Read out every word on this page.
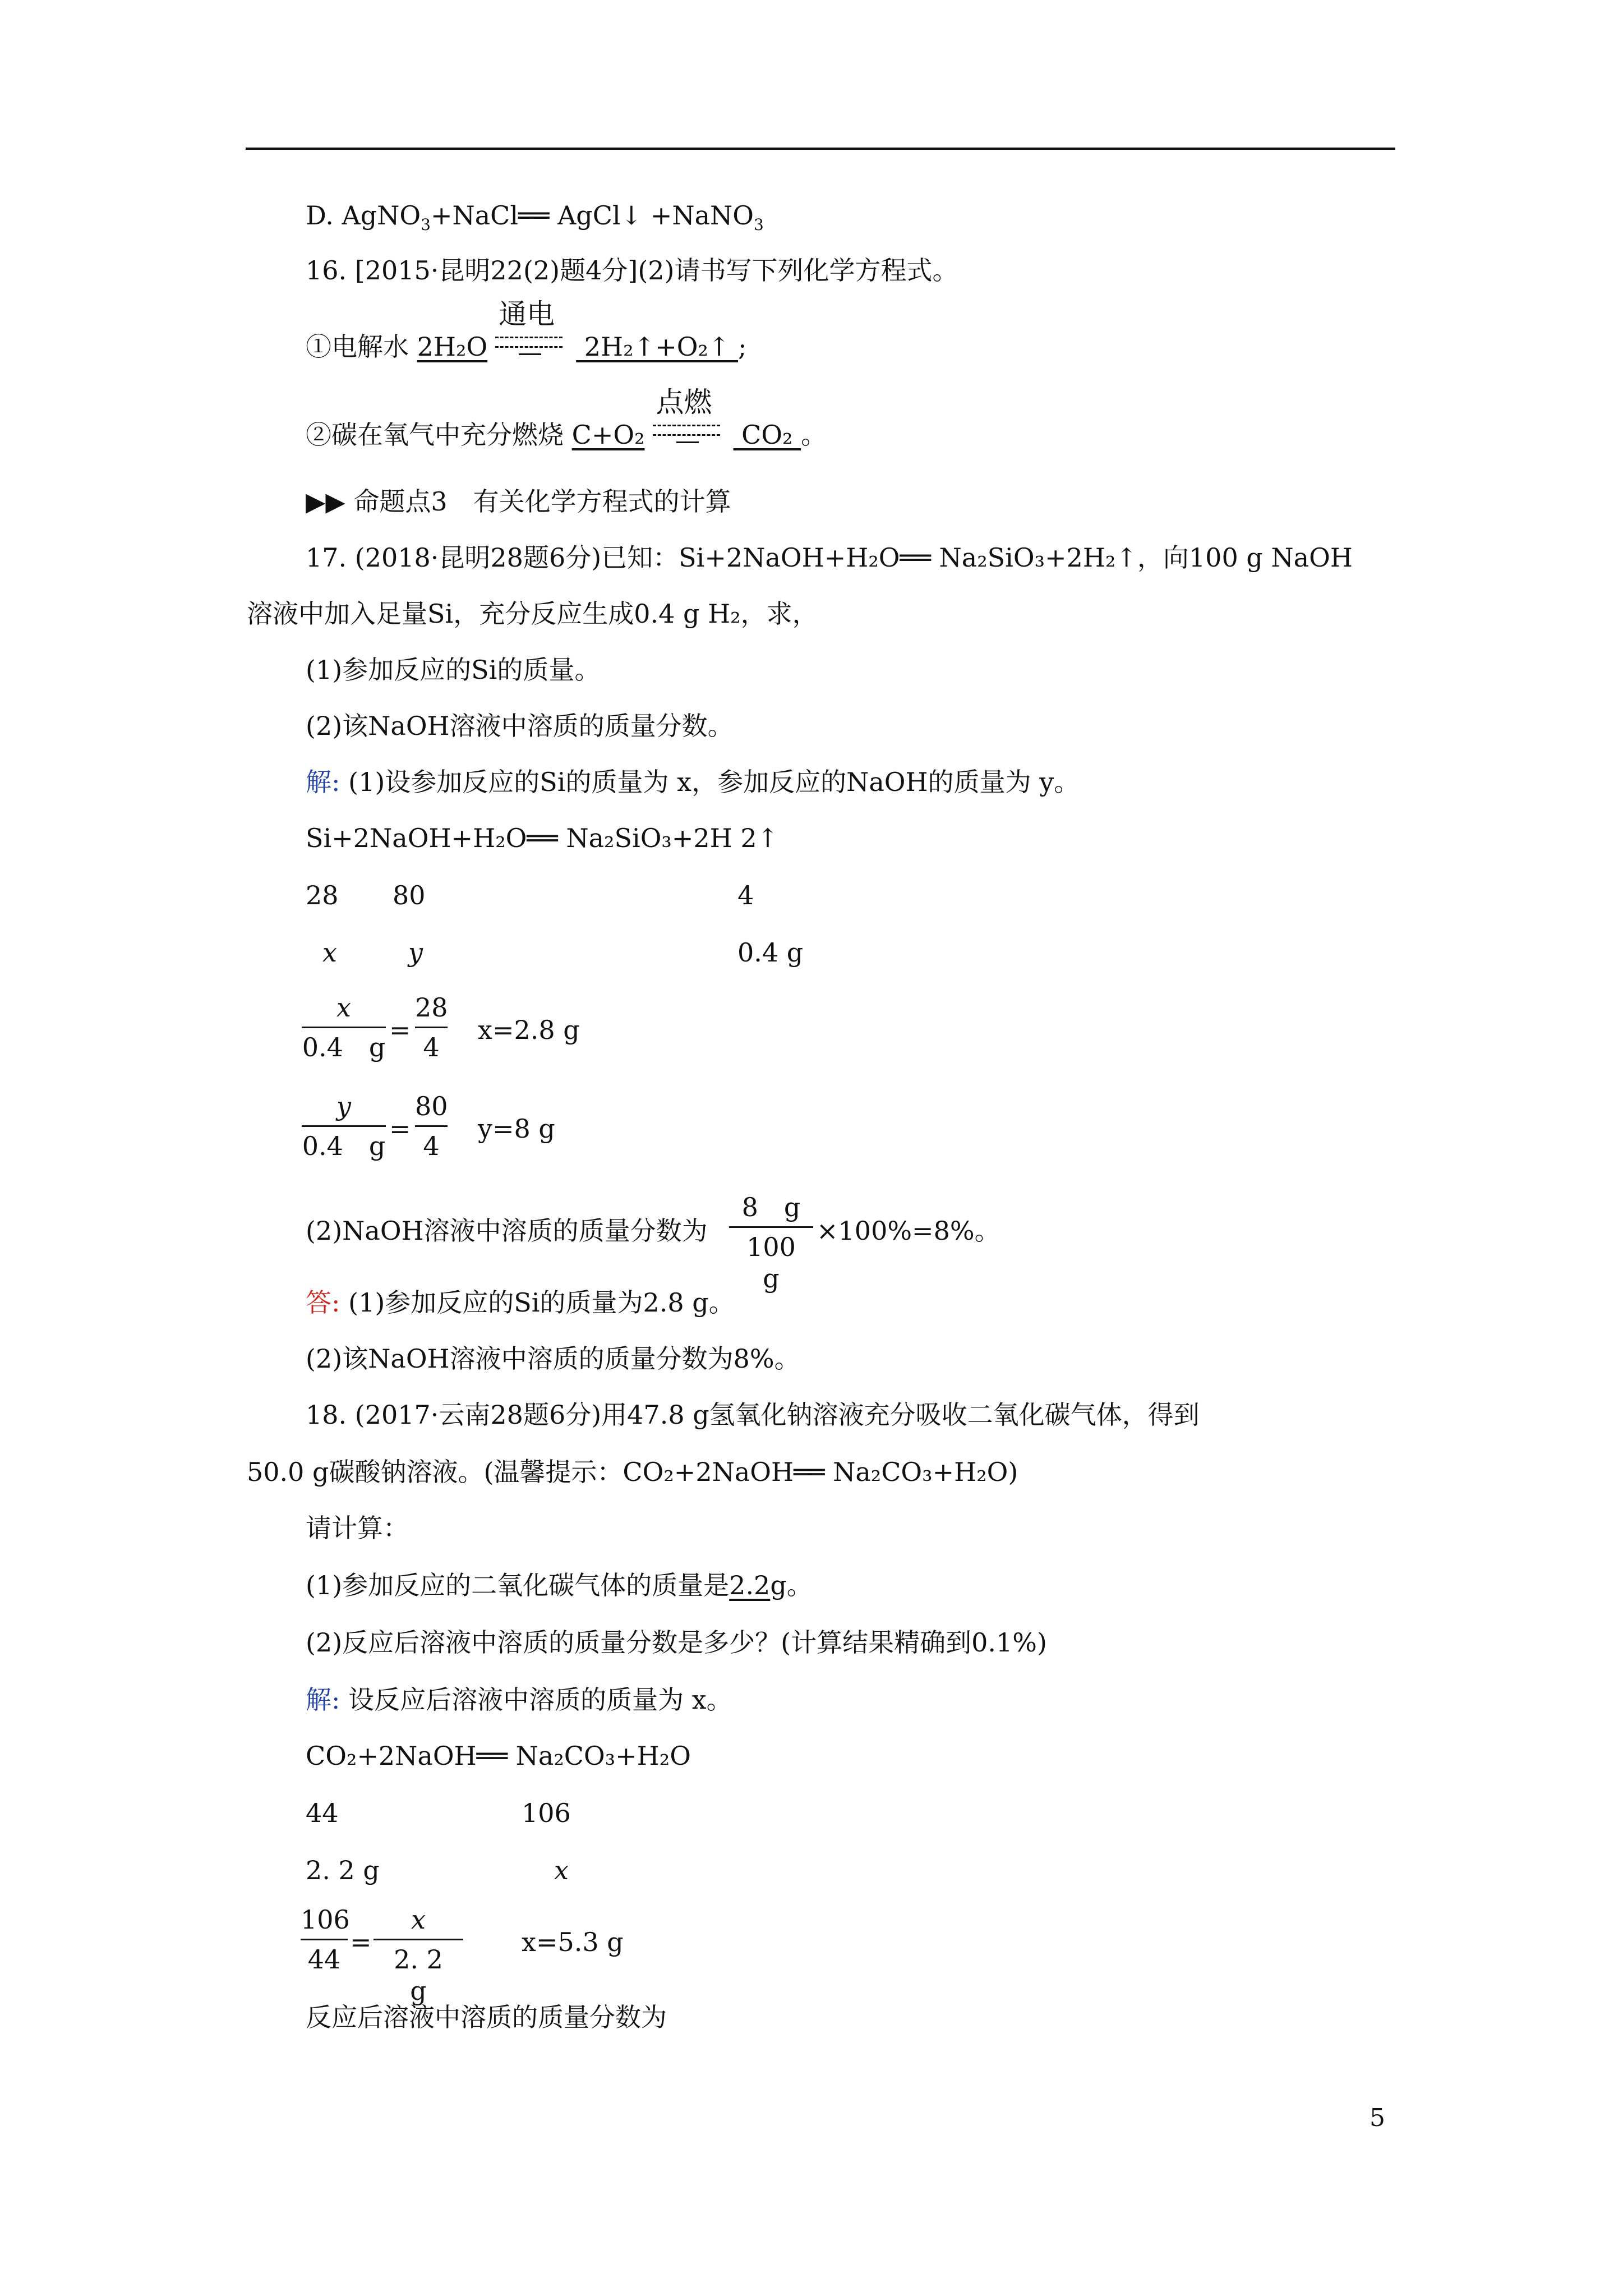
D. AgNO$_3$+NaCl══ AgCl↓ +NaNO$_3$
16. [2015·昆明22(2)题4分](2)请书写下列化学方程式。
①电解水 2H₂O
通电
2H₂↑+O₂↑ ;
②碳在氧气中充分燃烧 C+O₂
点燃
CO₂ 。
▶▶ 命题点3　有关化学方程式的计算
17. (2018·昆明28题6分)已知：Si+2NaOH+H₂O══ Na₂SiO₃+2H₂↑，向100 g NaOH
溶液中加入足量Si，充分反应生成0.4 g H₂，求，
(1)参加反应的Si的质量。
(2)该NaOH溶液中溶质的质量分数。
解: (1)设参加反应的Si的质量为 x，参加反应的NaOH的质量为 y。
Si+2NaOH+H₂O══ Na₂SiO₃+2H 2↑
28 80	4
x	y	0.4 g
x
0.4　g
=
28
4
x=2.8 g
y
0.4　g
=
80
4
y=8 g
(2)NaOH溶液中溶质的质量分数为
8　g
100　g
×100%=8%。
答: (1)参加反应的Si的质量为2.8 g。
(2)该NaOH溶液中溶质的质量分数为8%。
18. (2017·云南28题6分)用47.8 g氢氧化钠溶液充分吸收二氧化碳气体，得到
50.0 g碳酸钠溶液。(温馨提示：CO₂+2NaOH══ Na₂CO₃+H₂O)
请计算：
(1)参加反应的二氧化碳气体的质量是2.2g。
(2)反应后溶液中溶质的质量分数是多少？(计算结果精确到0.1%)
解: 设反应后溶液中溶质的质量为 x。
CO₂+2NaOH══ Na₂CO₃+H₂O
44	106
2. 2 g	x
106
44
=
x
2. 2　g
x=5.3 g
反应后溶液中溶质的质量分数为
5
